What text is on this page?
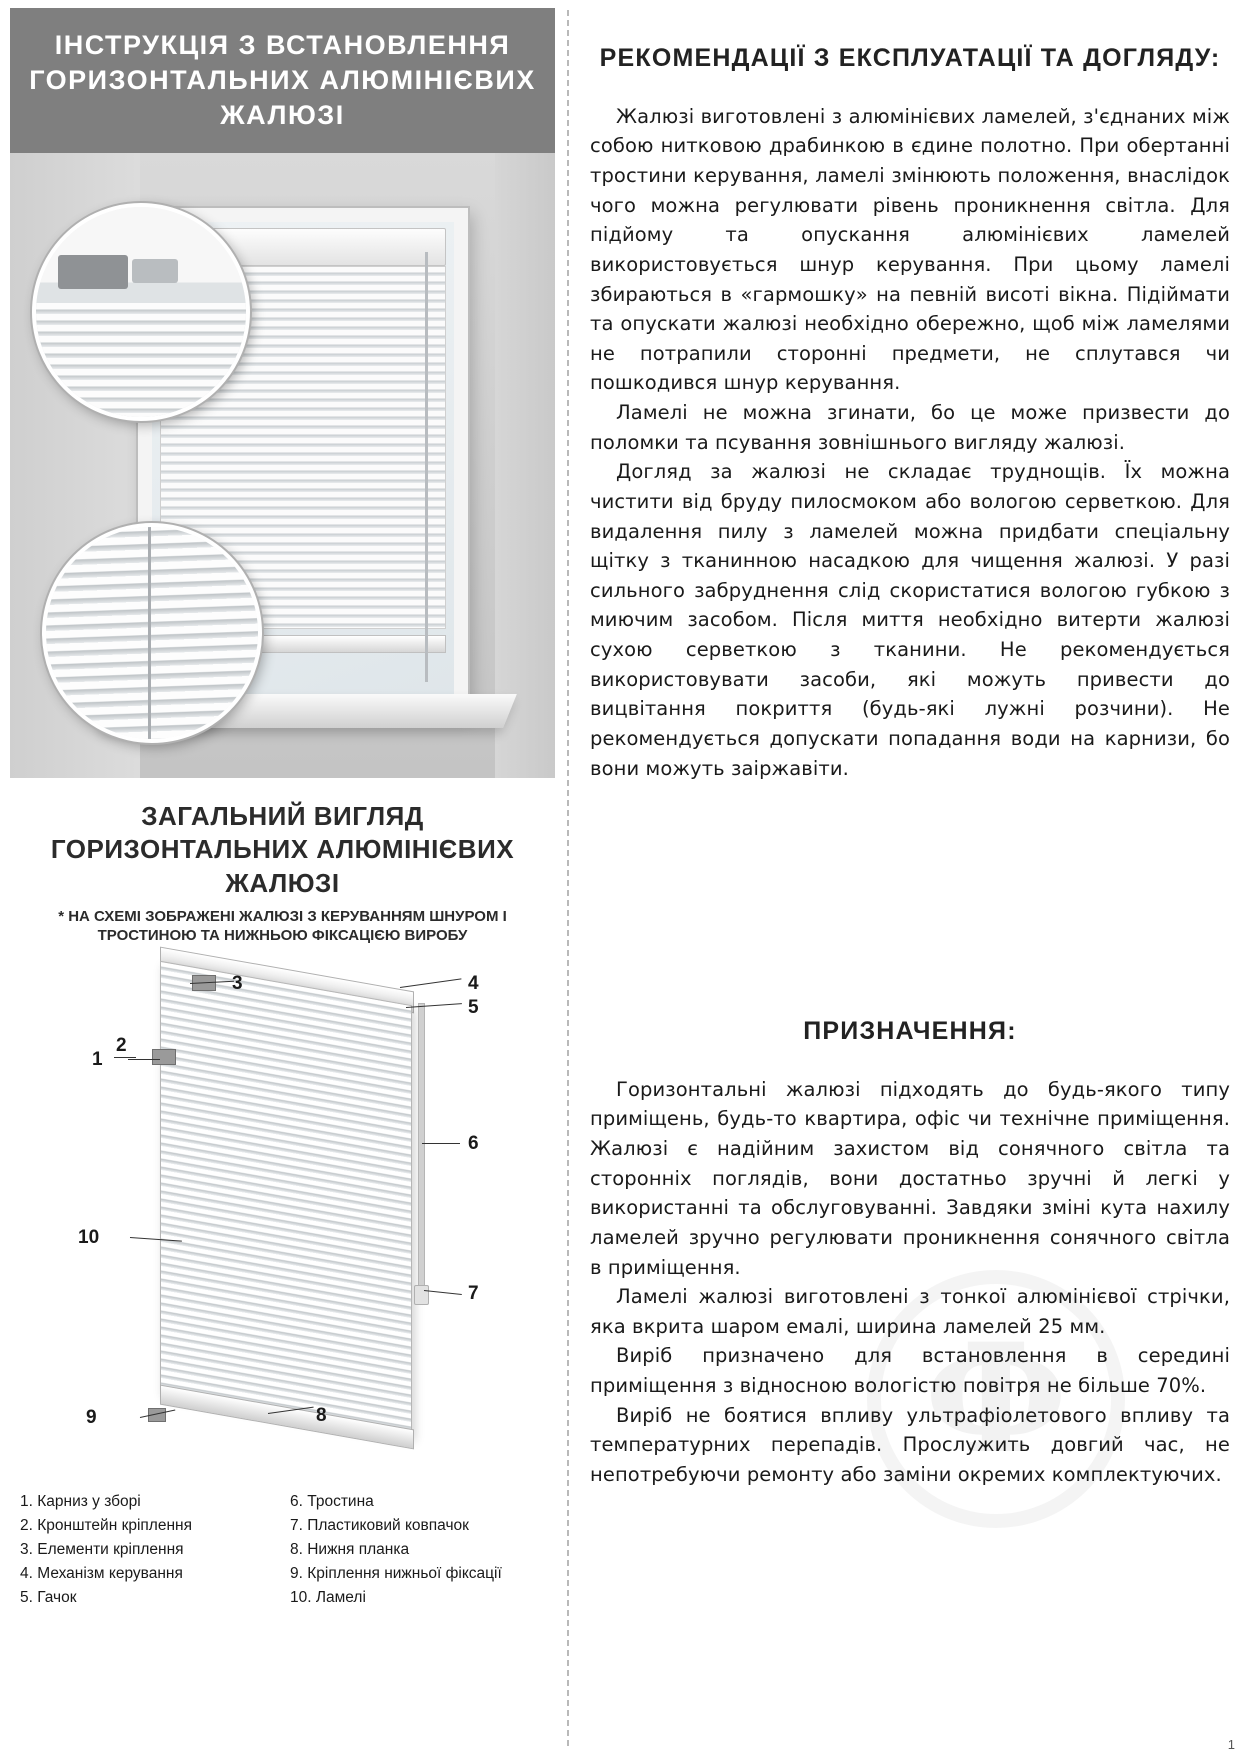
Ф
ІНСТРУКЦІЯ З ВСТАНОВЛЕННЯ ГОРИЗОНТАЛЬНИХ АЛЮМІНІЄВИХ ЖАЛЮЗІ
ЗАГАЛЬНИЙ ВИГЛЯД ГОРИЗОНТАЛЬНИХ АЛЮМІНІЄВИХ ЖАЛЮЗІ
* НА СХЕМІ ЗОБРАЖЕНІ ЖАЛЮЗІ З КЕРУВАННЯМ ШНУРОМ І ТРОСТИНОЮ ТА НИЖНЬОЮ ФІКСАЦІЄЮ ВИРОБУ
3
1
2
4
5
6
7
10
9	8
1. Карниз у зборі
2. Кронштейн кріплення
3. Елементи кріплення
4. Механізм керування
5. Гачок
6. Тростина
7. Пластиковий ковпачок
8. Нижня планка
9. Кріплення нижньої фіксації
10. Ламелі
РЕКОМЕНДАЦІЇ З ЕКСПЛУАТАЦІЇ ТА ДОГЛЯДУ:

Жалюзі виготовлені з алюмінієвих ламелей, з'єднаних між собою нитковою драбинкою в єдине полотно. При обертанні тростини керування, ламелі змінюють положення, внаслідок чого можна регулювати рівень проникнення світла. Для підйому та опускання алюмінієвих ламелей використовується шнур керування. При цьому ламелі збираються в «гармошку» на певній висоті вікна. Підіймати та опускати жалюзі необхідно обережно, щоб між ламелями не потрапили сторонні предмети, не сплутався чи пошкодився шнур керування.

Ламелі не можна згинати, бо це може призвести до поломки та псування зовнішнього вигляду жалюзі.

Догляд за жалюзі не складає труднощів. Їх можна чистити від бруду пилосмоком або вологою серветкою. Для видалення пилу з ламелей можна придбати спеціальну щітку з тканинною насадкою для чищення жалюзі. У разі сильного забруднення слід скористатися вологою губкою з миючим засобом. Після миття необхідно витерти жалюзі сухою серветкою з тканини. Не рекомендується використовувати засоби, які можуть привести до вицвітання покриття (будь-які лужні розчини). Не рекомендується допускати попадання води на карнизи, бо вони можуть заіржавіти.

ПРИЗНАЧЕННЯ:

Горизонтальні жалюзі підходять до будь-якого типу приміщень, будь-то квартира, офіс чи технічне приміщення. Жалюзі є надійним захистом від сонячного світла та сторонніх поглядів, вони достатньо зручні й легкі у використанні та обслуговуванні. Завдяки зміні кута нахилу ламелей зручно регулювати проникнення сонячного світла в приміщення.

Ламелі жалюзі виготовлені з тонкої алюмінієвої стрічки, яка вкрита шаром емалі, ширина ламелей 25 мм.

Виріб призначено для встановлення в середині приміщення з відносною вологістю повітря не більше 70%.

Виріб не боятися впливу ультрафіолетового впливу та температурних перепадів. Прослужить довгий час, не непотребуючи ремонту або заміни окремих комплектуючих.

1
